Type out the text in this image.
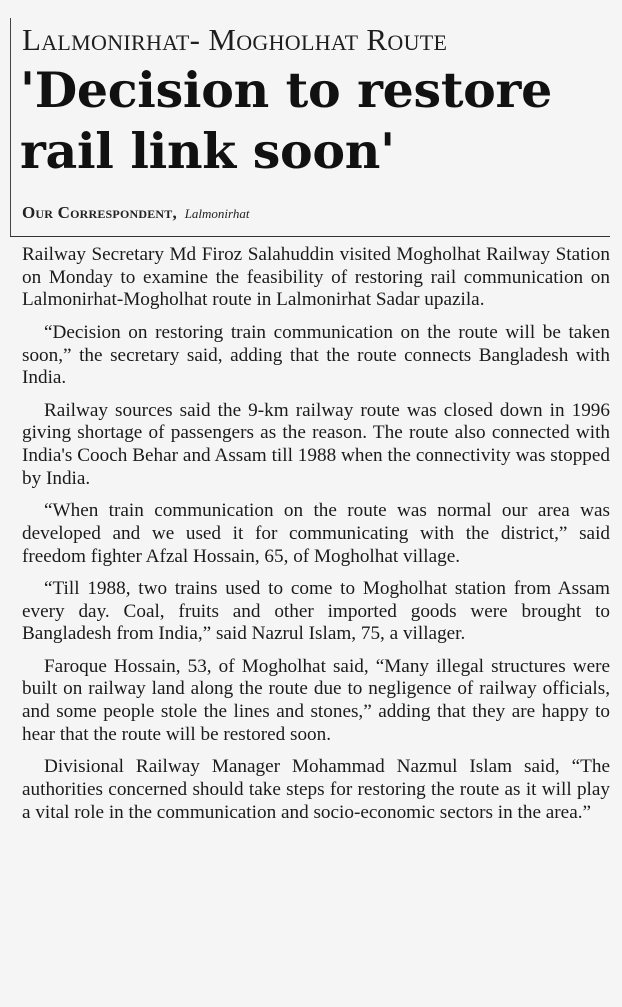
Lalmonirhat- Mogholhat Route
'Decision to restore rail link soon'
Our Correspondent, Lalmonirhat

Railway Secretary Md Firoz Salahuddin visited Mogholhat Railway Station on Monday to examine the feasibility of restoring rail communication on Lalmonirhat-Mogholhat route in Lalmonirhat Sadar upazila.

“Decision on restoring train communication on the route will be taken soon,” the secretary said, adding that the route connects Bangladesh with India.

Railway sources said the 9-km railway route was closed down in 1996 giving shortage of passengers as the reason. The route also connected with India's Cooch Behar and Assam till 1988 when the connectivity was stopped by India.

“When train communication on the route was normal our area was developed and we used it for communicating with the district,” said freedom fighter Afzal Hossain, 65, of Mogholhat village.

“Till 1988, two trains used to come to Mogholhat station from Assam every day. Coal, fruits and other imported goods were brought to Bangladesh from India,” said Nazrul Islam, 75, a villager.

Faroque Hossain, 53, of Mogholhat said, “Many illegal structures were built on railway land along the route due to negligence of railway officials, and some people stole the lines and stones,” adding that they are happy to hear that the route will be restored soon.

Divisional Railway Manager Mohammad Nazmul Islam said, “The authorities concerned should take steps for restoring the route as it will play a vital role in the communication and socio-economic sectors in the area.”
